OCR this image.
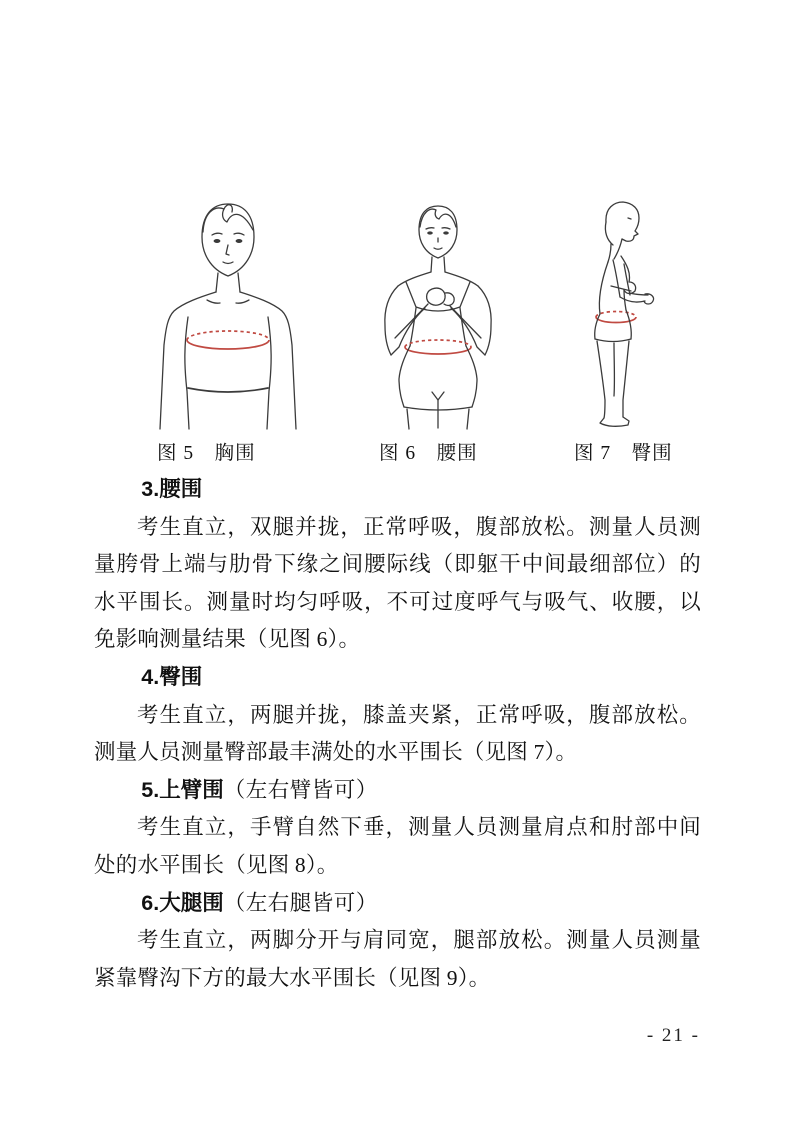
图 5　胸围	图 6　腰围	图 7　臀围
3.腰围

考生直立，双腿并拢，正常呼吸，腹部放松。测量人员测量胯骨上端与肋骨下缘之间腰际线（即躯干中间最细部位）的水平围长。测量时均匀呼吸，不可过度呼气与吸气、收腰，以免影响测量结果（见图 6）。

4.臀围

考生直立，两腿并拢，膝盖夹紧，正常呼吸，腹部放松。测量人员测量臀部最丰满处的水平围长（见图 7）。

5.上臂围（左右臂皆可）

考生直立，手臂自然下垂，测量人员测量肩点和肘部中间处的水平围长（见图 8）。

6.大腿围（左右腿皆可）

考生直立，两脚分开与肩同宽，腿部放松。测量人员测量紧靠臀沟下方的最大水平围长（见图 9）。

- 21 -
